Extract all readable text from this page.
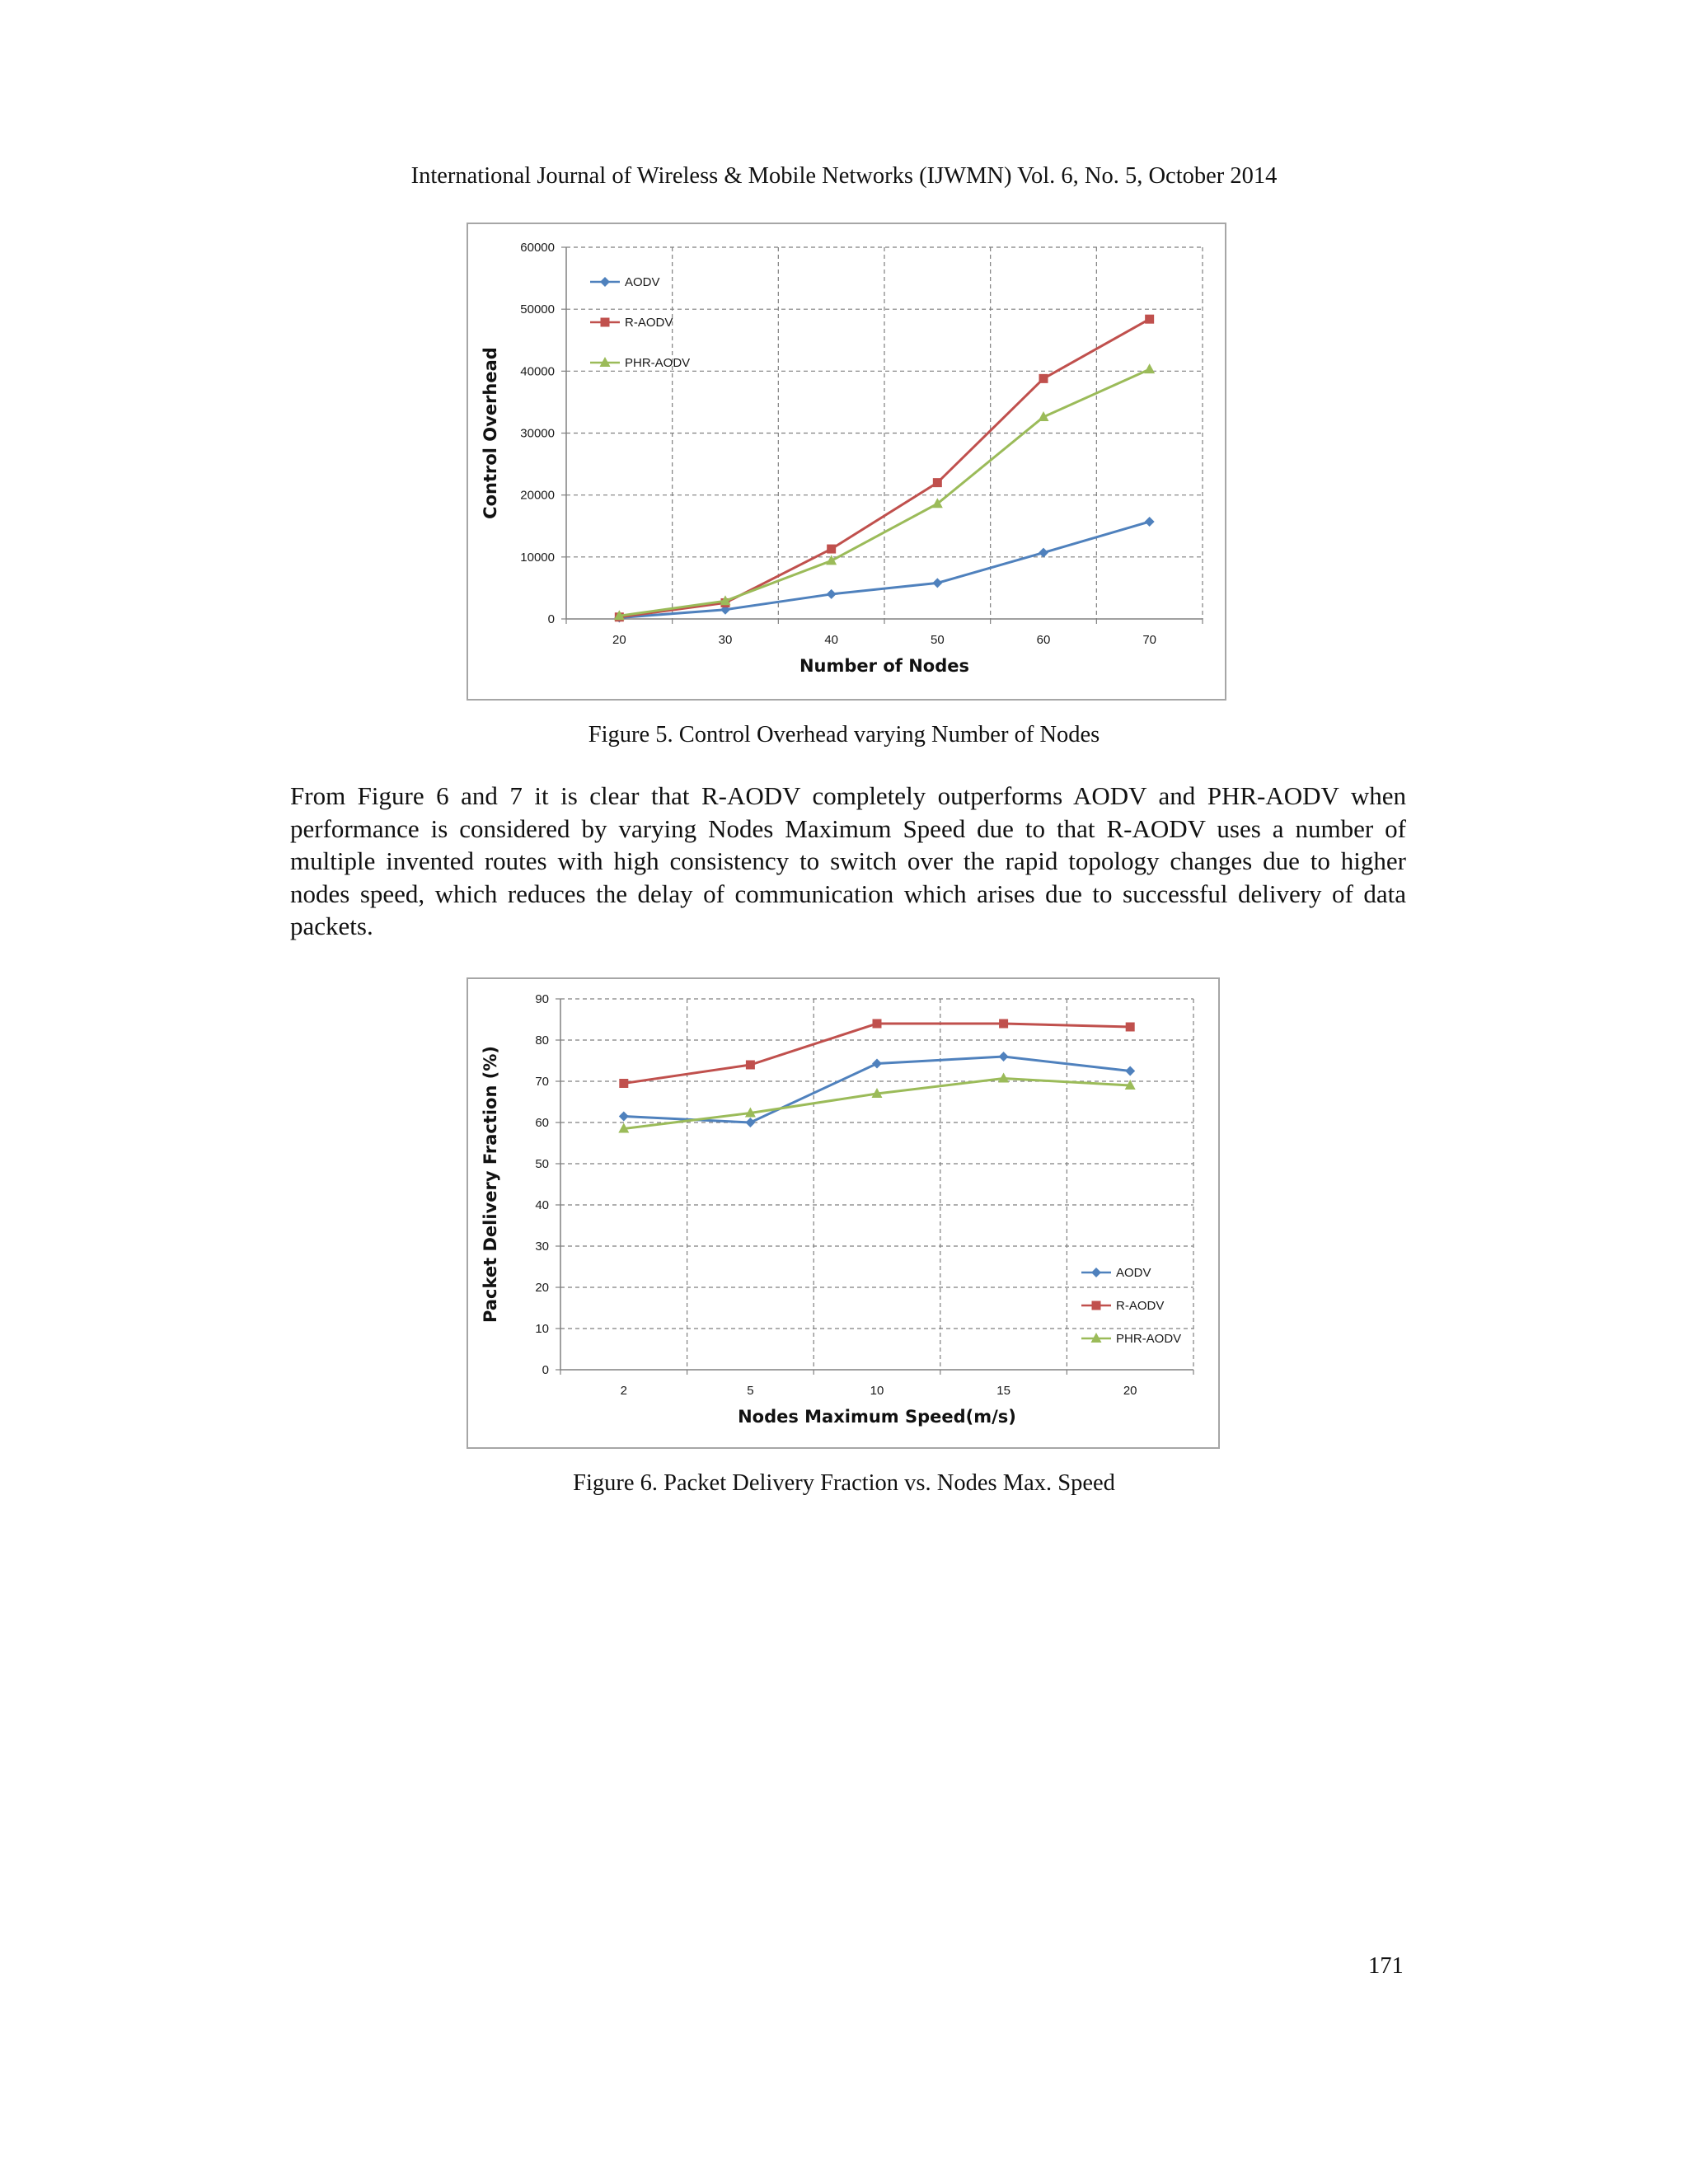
International Journal of Wireless & Mobile Networks (IJWMN) Vol. 6, No. 5, October 2014
0
10000
20000
30000
40000
50000
60000
20	30	40	50	60	70
Number of Nodes
Control Overhead
AODV
R-AODV
PHR-AODV
Figure 5. Control Overhead varying Number of Nodes

From Figure 6 and 7 it is clear that R-AODV completely outperforms AODV and PHR-AODV when performance is considered by varying Nodes Maximum Speed due to that R-AODV uses a number of multiple invented routes with high consistency to switch over the rapid topology changes due to higher nodes speed, which reduces the delay of communication which arises due to successful delivery of data packets.

0
10
20
30
40
50
60
70
80
90
2	5	10	15	20
Nodes Maximum Speed(m/s)
Packet Delivery Fraction (%)	AODV
R-AODV
PHR-AODV
Figure 6. Packet Delivery Fraction vs. Nodes Max. Speed
171
